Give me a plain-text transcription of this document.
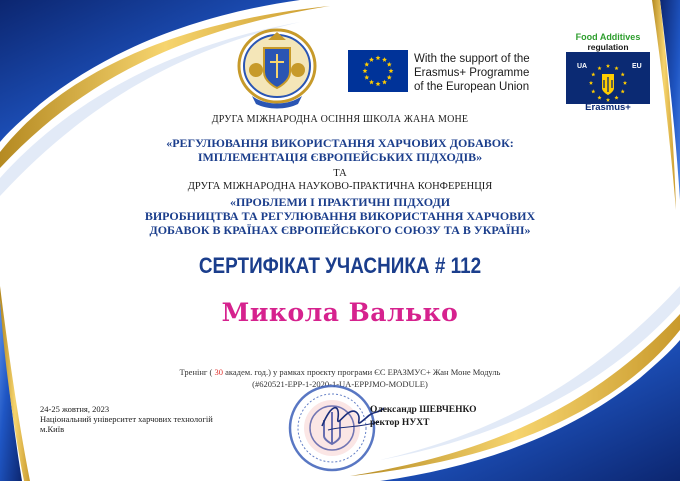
With the support of the
Erasmus+ Programme
of the European Union
Food Additives
regulation
UA	EU
Erasmus+
ДРУГА МІЖНАРОДНА ОСІННЯ ШКОЛА ЖАНА МОНЕ
«РЕГУЛЮВАННЯ ВИКОРИСТАННЯ ХАРЧОВИХ ДОБАВОК:
ІМПЛЕМЕНТАЦІЯ ЄВРОПЕЙСЬКИХ ПІДХОДІВ»
ТА
ДРУГА МІЖНАРОДНА НАУКОВО-ПРАКТИЧНА КОНФЕРЕНЦІЯ
«ПРОБЛЕМИ І ПРАКТИЧНІ ПІДХОДИ
ВИРОБНИЦТВА ТА РЕГУЛЮВАННЯ ВИКОРИСТАННЯ ХАРЧОВИХ
ДОБАВОК В КРАЇНАХ ЄВРОПЕЙСЬКОГО СОЮЗУ ТА В УКРАЇНІ»
СЕРТИФІКАТ УЧАСНИКА # 112
Микола Валько
Тренінг ( 30 академ. год.) у рамках проєкту програми ЄС ЕРАЗМУС+ Жан Моне Модуль
(#620521-EPP-1-2020-1-UA-EPPJMO-MODULE)
24-25 жовтня, 2023
Національний університет харчових технологій
м.Київ
Олександр ШЕВЧЕНКО
ректор НУХТ
